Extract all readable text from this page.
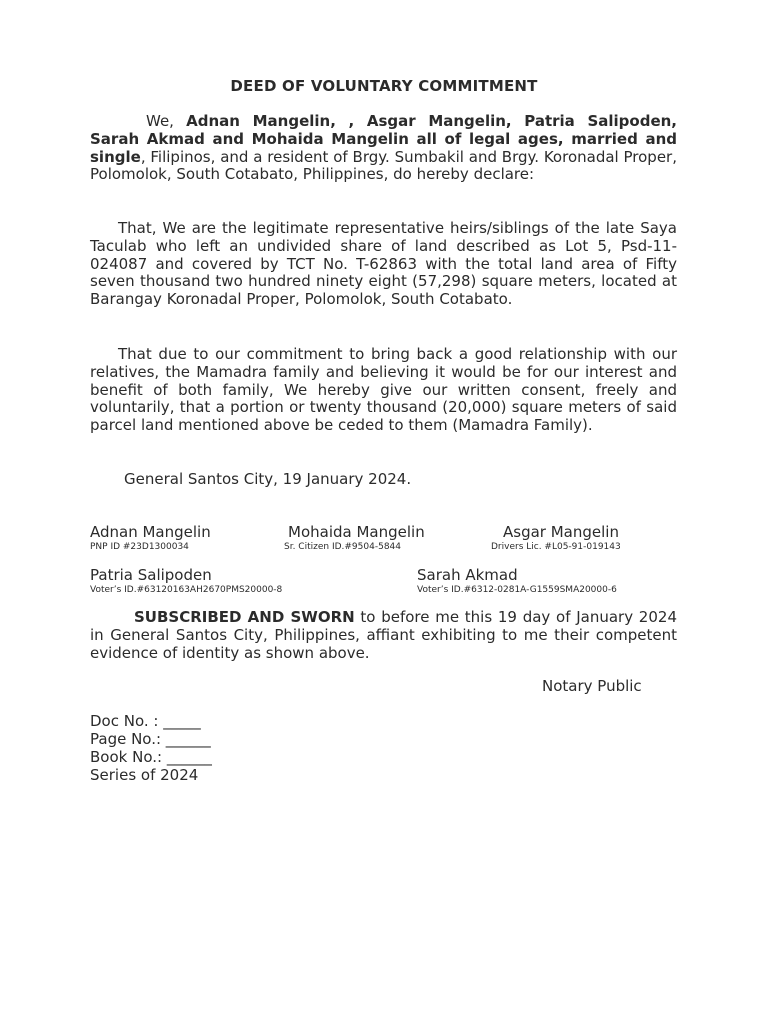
DEED OF VOLUNTARY COMMITMENT
We, Adnan Mangelin, , Asgar Mangelin, Patria Salipoden, Sarah Akmad and Mohaida Mangelin all of legal ages, married and single, Filipinos, and a resident of Brgy. Sumbakil and Brgy. Koronadal Proper, Polomolok, South Cotabato, Philippines, do hereby declare:
That, We are the legitimate representative heirs/siblings of the late Saya Taculab who left an undivided share of land described as Lot 5, Psd-11-024087 and covered by TCT No. T-62863 with the total land area of Fifty seven thousand two hundred ninety eight (57,298) square meters, located at Barangay Koronadal Proper, Polomolok, South Cotabato.
That due to our commitment to bring back a good relationship with our relatives, the Mamadra family and believing it would be for our interest and benefit of both family, We hereby give our written consent, freely and voluntarily, that a portion or twenty thousand (20,000) square meters of said parcel land mentioned above be ceded to them (Mamadra Family).
General Santos City, 19 January 2024.
Adnan Mangelin
PNP ID #23D1300034
Mohaida Mangelin
Sr. Citizen ID.#9504-5844
Asgar Mangelin
Drivers Lic. #L05-91-019143
Patria Salipoden
Voter’s ID.#63120163AH2670PMS20000-8
Sarah Akmad
Voter’s ID.#6312-0281A-G1559SMA20000-6
SUBSCRIBED AND SWORN to before me this 19 day of January 2024 in General Santos City, Philippines, affiant exhibiting to me their competent evidence of identity as shown above.
Notary Public
Doc No. : _____
Page No.: ______
Book No.: ______
Series of 2024
